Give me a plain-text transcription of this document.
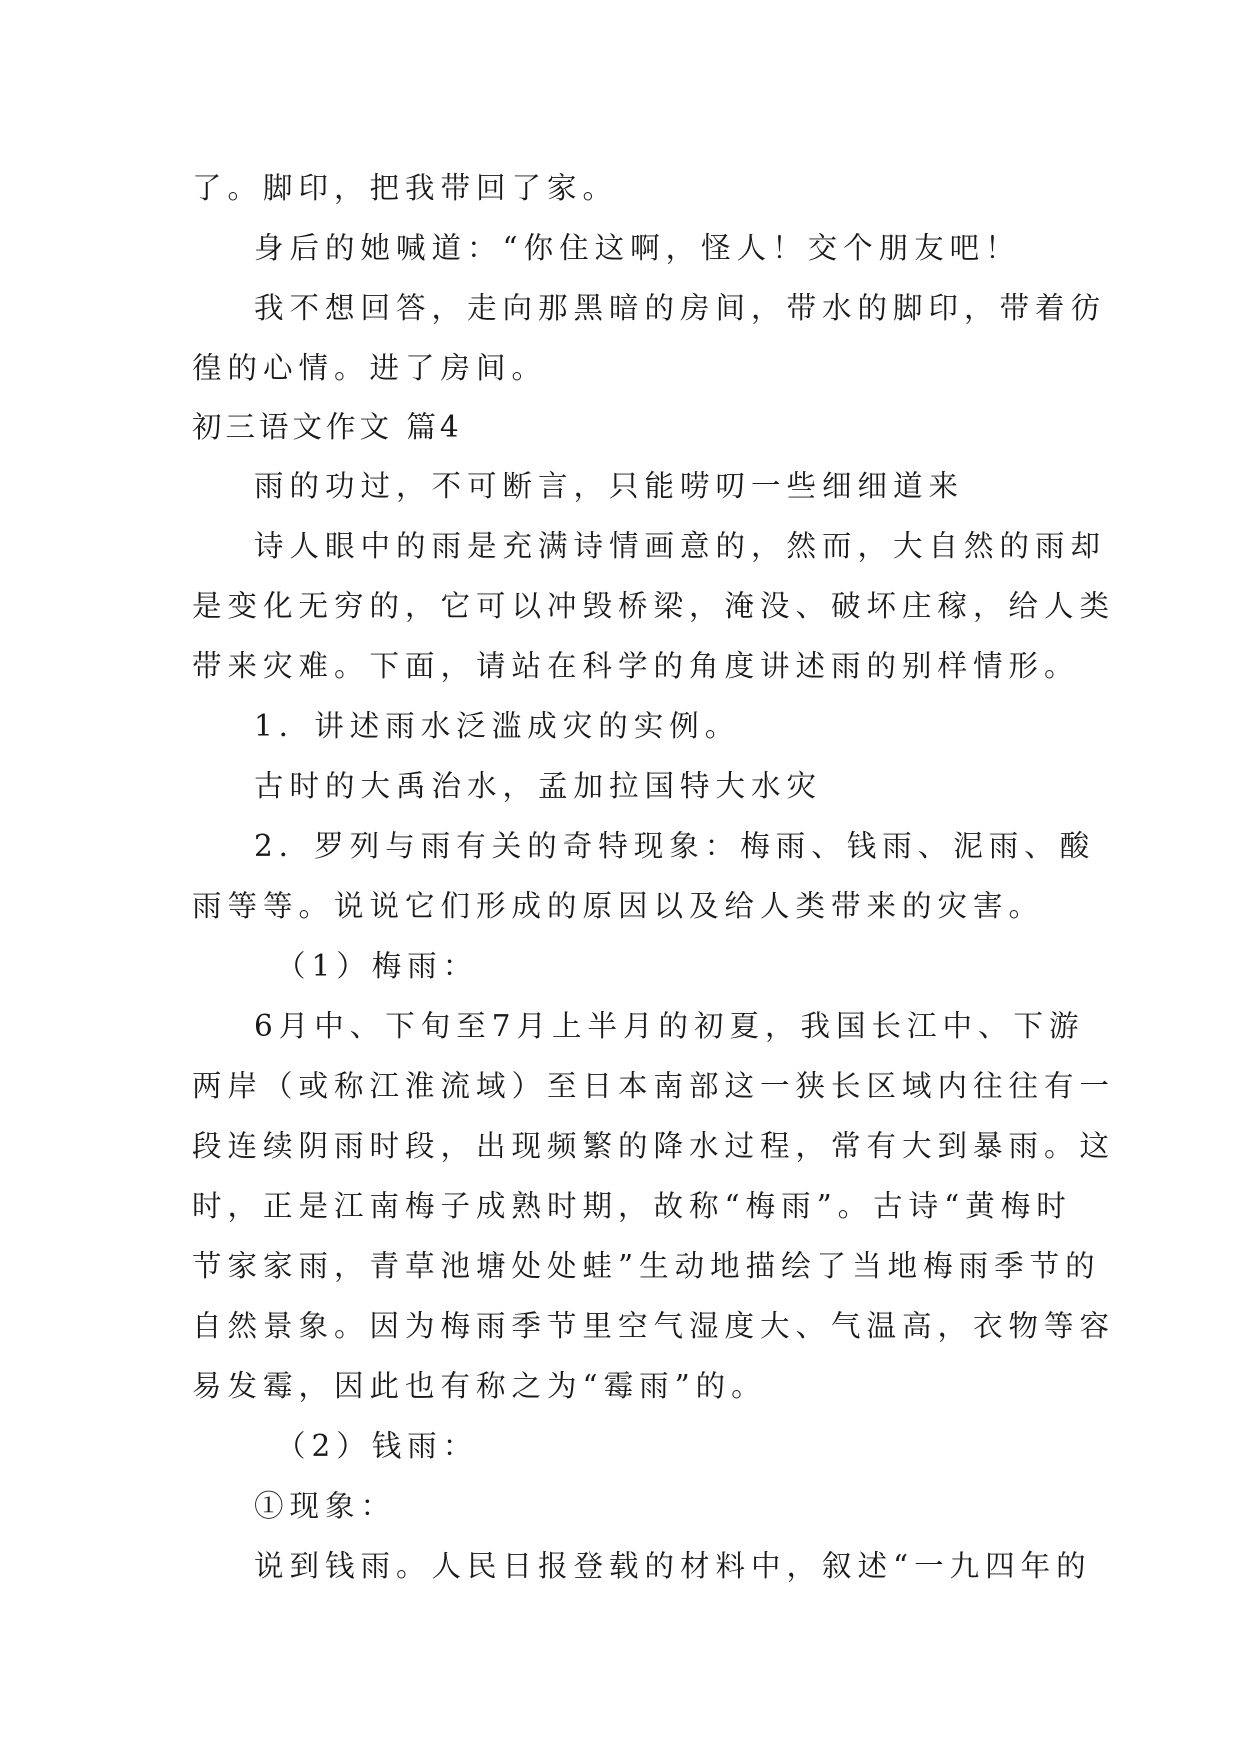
了。脚印，把我带回了家。
身后的她喊道：“你住这啊，怪人！交个朋友吧！
我不想回答，走向那黑暗的房间，带水的脚印，带着彷
徨的心情。进了房间。
初三语文作文 篇4
雨的功过，不可断言，只能唠叨一些细细道来
诗人眼中的雨是充满诗情画意的，然而，大自然的雨却
是变化无穷的，它可以冲毁桥梁，淹没、破坏庄稼，给人类
带来灾难。下面，请站在科学的角度讲述雨的别样情形。
1．讲述雨水泛滥成灾的实例。
古时的大禹治水，孟加拉国特大水灾
2．罗列与雨有关的奇特现象：梅雨、钱雨、泥雨、酸
雨等等。说说它们形成的原因以及给人类带来的灾害。
（1）梅雨：
6月中、下旬至7月上半月的初夏，我国长江中、下游
两岸（或称江淮流域）至日本南部这一狭长区域内往往有一
段连续阴雨时段，出现频繁的降水过程，常有大到暴雨。这
时，正是江南梅子成熟时期，故称“梅雨”。古诗“黄梅时
节家家雨，青草池塘处处蛙”生动地描绘了当地梅雨季节的
自然景象。因为梅雨季节里空气湿度大、气温高，衣物等容
易发霉，因此也有称之为“霉雨”的。
（2）钱雨：
①现象：
说到钱雨。人民日报登载的材料中，叙述“一九四年的
